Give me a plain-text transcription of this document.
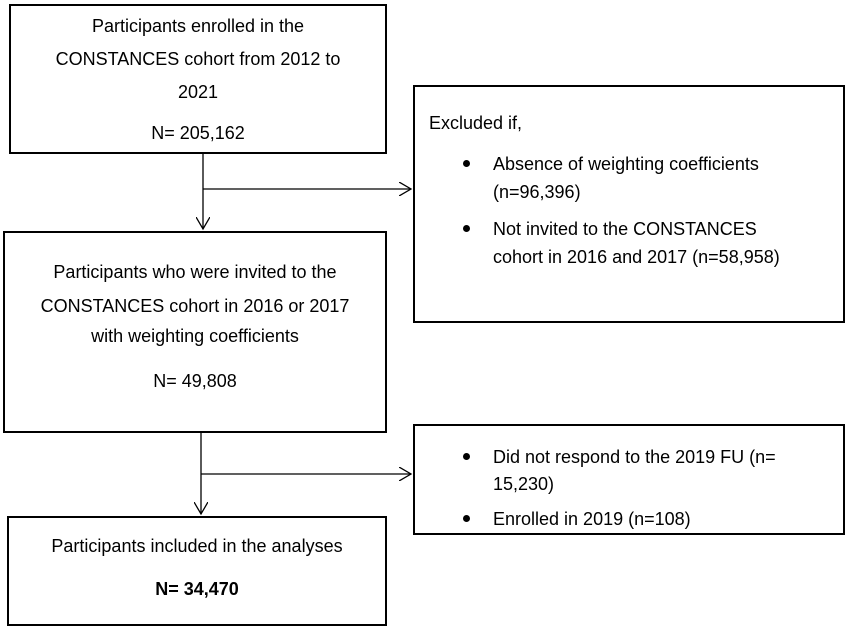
Participants enrolled in the
CONSTANCES cohort from 2012 to
2021
N= 205,162	Excluded if,
Absence of weighting coefficients
(n=96,396)
Not invited to the CONSTANCES
cohort in 2016 and 2017 (n=58,958)
Participants who were invited to the
CONSTANCES cohort in 2016 or 2017
with weighting coefficients
N= 49,808
Did not respond to the 2019 FU (n=
15,230)
Enrolled in 2019 (n=108)
Participants included in the analyses
N= 34,470
